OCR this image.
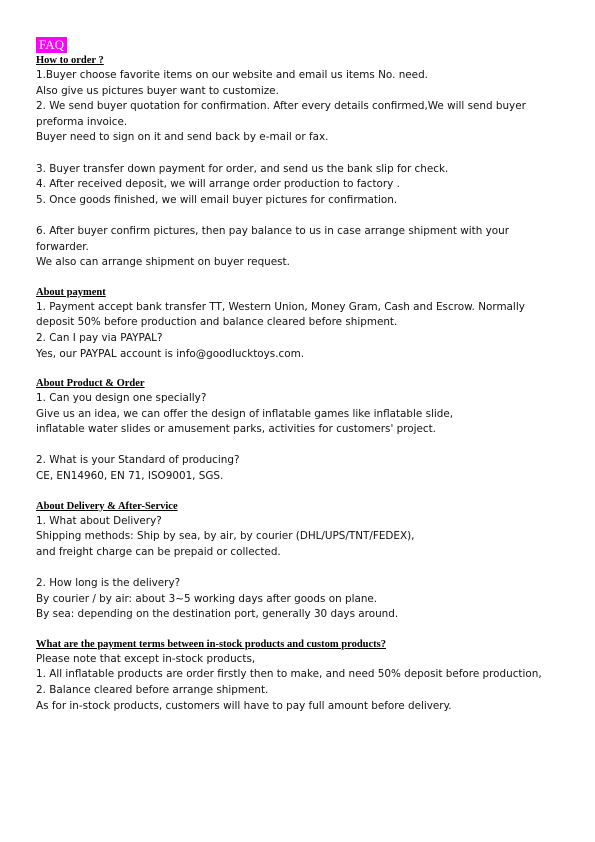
FAQ
How to order ?
1.Buyer choose favorite items on our website and email us items No. need.
Also give us pictures buyer want to customize.
2. We send buyer quotation for confirmation. After every details confirmed,We will send buyer
preforma invoice.
Buyer need to sign on it and send back by e-mail or fax.
3. Buyer transfer down payment for order, and send us the bank slip for check.
4. After received deposit, we will arrange order production to factory .
5. Once goods finished, we will email buyer pictures for confirmation.
6. After buyer confirm pictures, then pay balance to us in case arrange shipment with your
forwarder.
We also can arrange shipment on buyer request.
About payment
1. Payment accept bank transfer TT, Western Union, Money Gram, Cash and Escrow. Normally
deposit 50% before production and balance cleared before shipment.
2. Can I pay via PAYPAL?
Yes, our PAYPAL account is info@goodlucktoys.com.
About Product & Order
1. Can you design one specially?
Give us an idea, we can offer the design of inflatable games like inflatable slide,
inflatable water slides or amusement parks, activities for customers' project.
2. What is your Standard of producing?
CE, EN14960, EN 71, ISO9001, SGS.
About Delivery & After-Service
1. What about Delivery?
Shipping methods: Ship by sea, by air, by courier (DHL/UPS/TNT/FEDEX),
and freight charge can be prepaid or collected.
2. How long is the delivery?
By courier / by air: about 3~5 working days after goods on plane.
By sea: depending on the destination port, generally 30 days around.
What are the payment terms between in-stock products and custom products?
Please note that except in-stock products,
1. All inflatable products are order firstly then to make, and need 50% deposit before production,
2. Balance cleared before arrange shipment.
As for in-stock products, customers will have to pay full amount before delivery.
